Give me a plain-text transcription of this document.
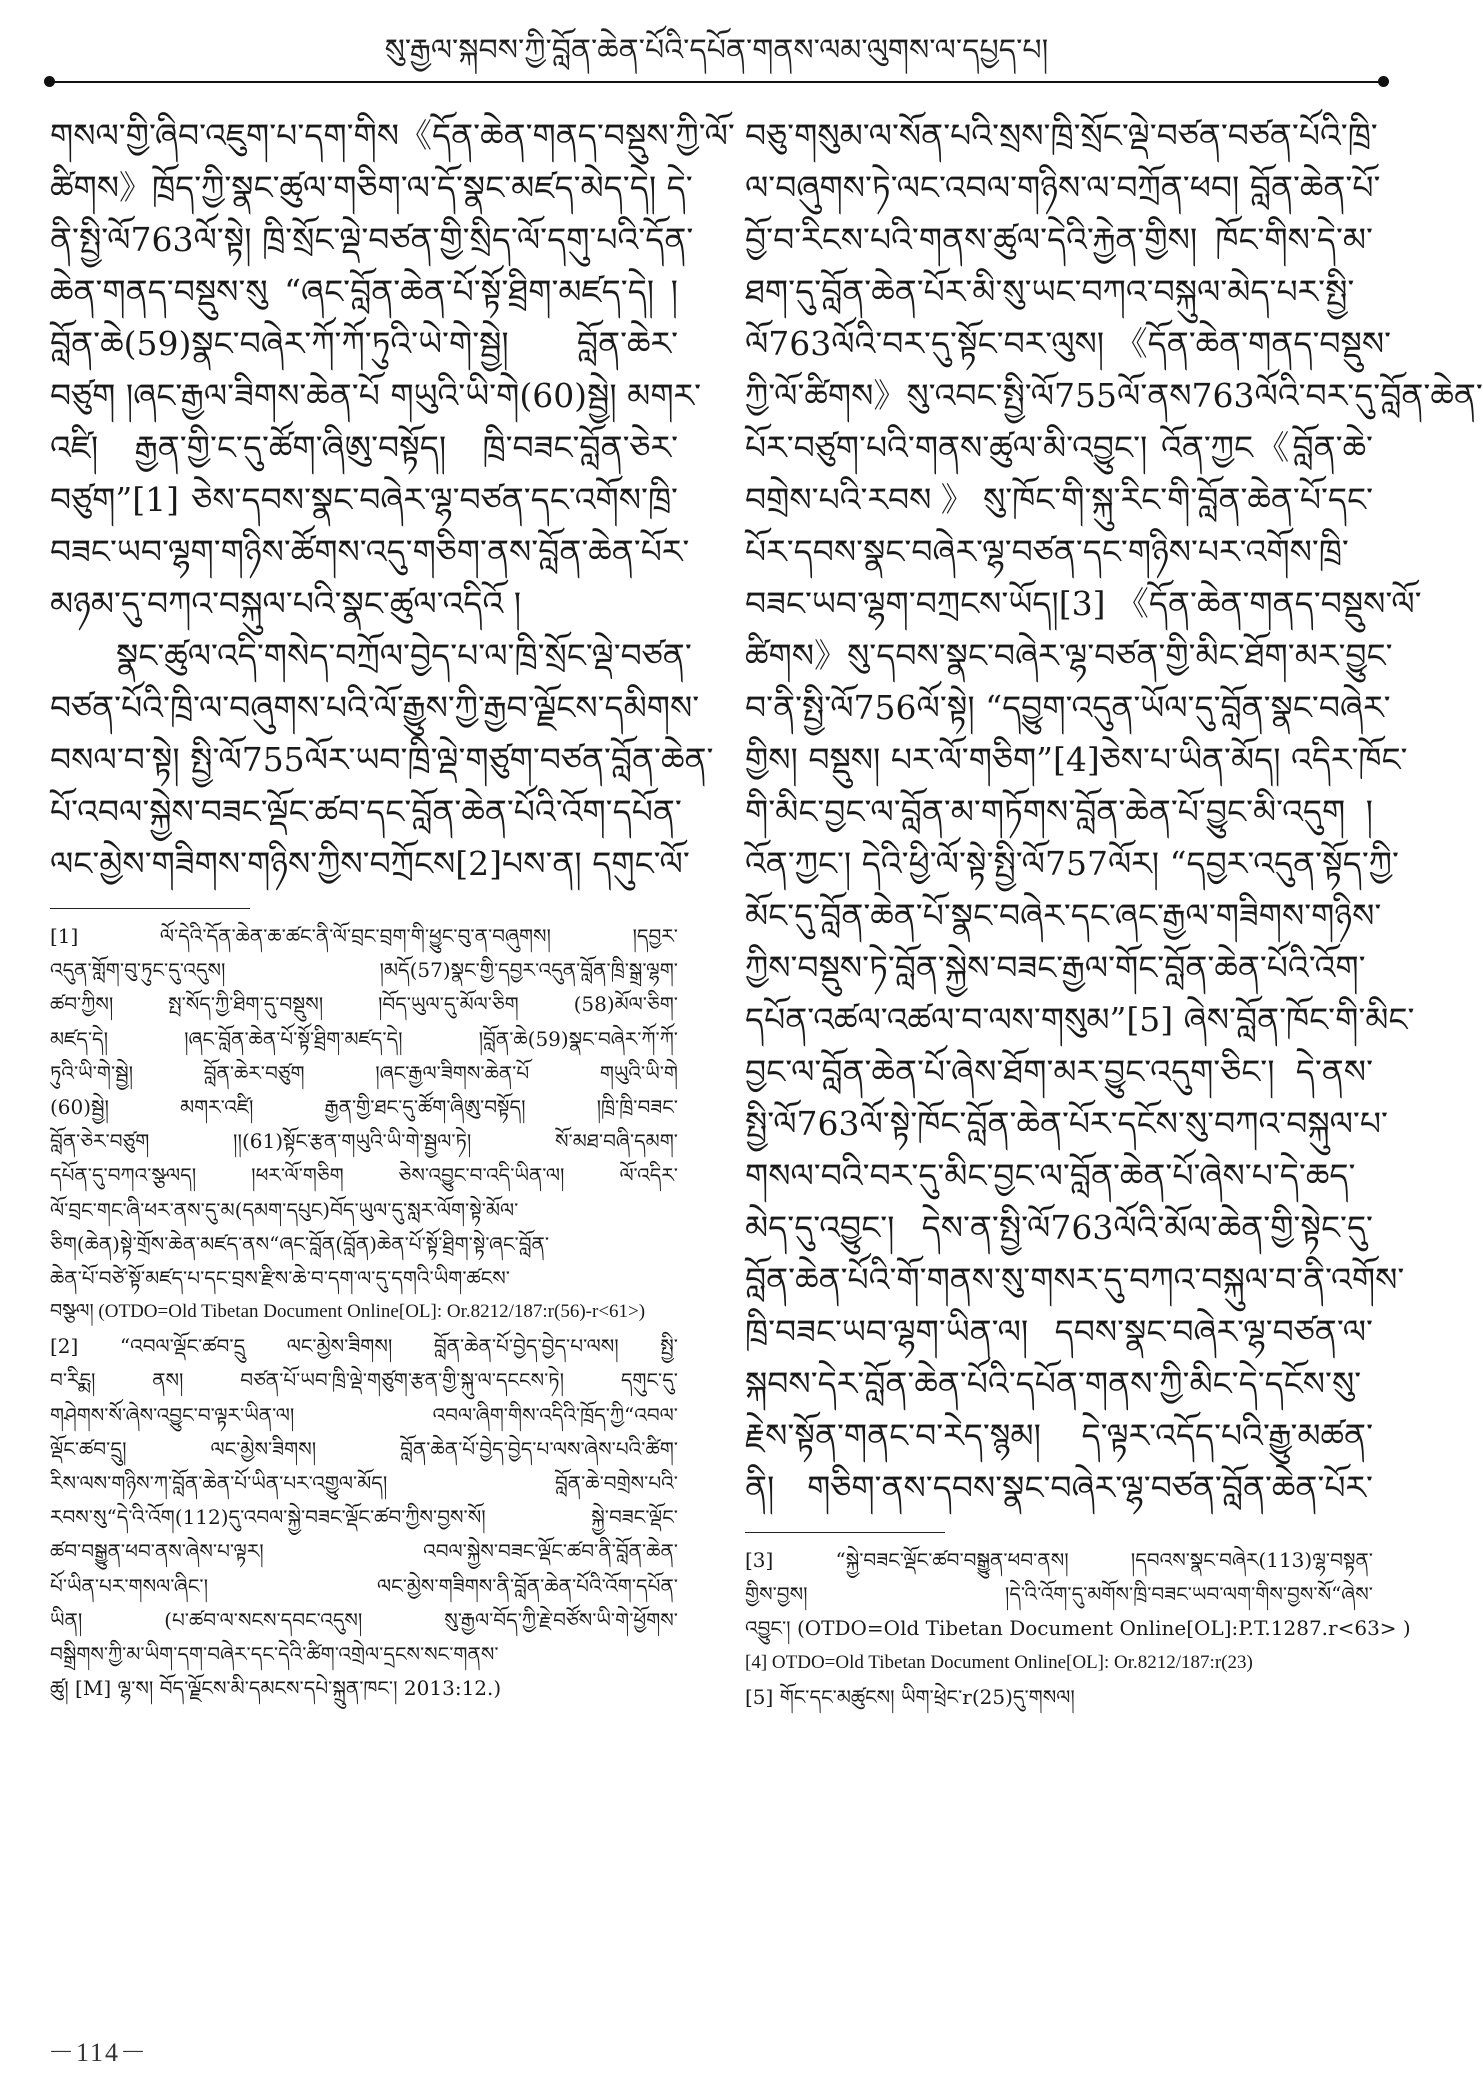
སུ་རྒྱལ་སྐབས་ཀྱི་བློན་ཆེན་པོའི་དཔོན་གནས་ལམ་ལུགས་ལ་དཔྱད་པ།
གསལ་གྱི་ཞིབ་འཇུག་པ་དག་གིས《དོན་ཆེན་གནད་བསྡུས་ཀྱི་ལོ་
ཚིགས》ཁྲོད་ཀྱི་སྣང་ཚུལ་གཅིག་ལ་དོ་སྣང་མཛད་མེད་དེ། དེ་
ནི་སྤྱི་ལོ763ལོ་སྟེ། ཁྲི་སྲོང་ལྡེ་བཙན་གྱི་སྲིད་ལོ་དགུ་པའི་དོན་
ཆེན་གནད་བསྡུས་སུ “ཞང་བློན་ཆེན་པོ་སྟོ་ཐྲིག་མཛད་དེ། །
བློན་ཆེ(59)སྣང་བཞེར་ཀོ་ཀོ་ཏུའི་ཡེ་གེ་སྦྱེ། བློན་ཆེར་
བཙུག །ཞང་རྒྱལ་ཟིགས་ཆེན་པོ གཡུའི་ཡི་གེ(60)སྦྱེ། མགར་
འཛི། རྒྱན་གྱི་ང་དུ་ཚོག་ཞིཨུ་བསྟོད། ཁྲི་བཟང་བློན་ཅེར་
བཙུག”[1] ཅེས་དབས་སྣང་བཞེར་ལྷ་བཙན་དང་འགོས་ཁྲི་
བཟང་ཡབ་ལྷག་གཉིས་ཚོགས་འདུ་གཅིག་ནས་བློན་ཆེན་པོར་
མཉམ་དུ་བཀའ་བསྐུལ་པའི་སྣང་ཚུལ་འདིའོ །
སྣང་ཚུལ་འདི་གསེད་བཀྲོལ་བྱེད་པ་ལ་ཁྲི་སྲོང་ལྡེ་བཙན་
བཙན་པོའི་ཁྲི་ལ་བཞུགས་པའི་ལོ་རྒྱུས་ཀྱི་རྒྱབ་ལྗོངས་དམིགས་
བསལ་བ་སྟེ། སྤྱི་ལོ755ལོར་ཡབ་ཁྲི་ལྡེ་གཙུག་བཙན་བློན་ཆེན་
པོ་འབལ་སྐྱེས་བཟང་ལྡོང་ཚབ་དང་བློན་ཆེན་པོའི་འོག་དཔོན་
ལང་མྱེས་གཟིགས་གཉིས་ཀྱིས་བཀྲོངས[2]པས་ན། དགུང་ལོ་
[1] ལོ་དེའི་དོན་ཆེན་ཆ་ཚང་ནི་ལོ་བྲང་བྲག་གི་ཕྱུང་བུ་ན་བཞུགས། །དབྱར་
འདུན་གློག་བུ་ཏུང་དུ་འདུས། །མདོ(57)སྣང་གྱི་དབྱར་འདུན་བློན་ཁྲི་སྒྲ་ལྷག་
ཚབ་ཀྱིས། སྤ་སོད་ཀྱི་ཐིག་དུ་བསྡུས། །བོད་ཡུལ་དུ་མོལ་ཅིག (58)མོལ་ཅིག་
མཛད་དེ། །ཞང་བློན་ཆེན་པོ་སྟོ་ཐྲིག་མཛད་དེ། །བློན་ཆེ(59)སྣང་བཞེར་ཀོ་ཀོ་
ཏུའི་ཡི་གེ་སྦྱེ། བློན་ཆེར་བཙུག །ཞང་རྒྱལ་ཟིགས་ཆེན་པོ གཡུའི་ཡི་གེ
(60)སྦྱེ། མགར་འཛི། རྒྱན་གྱི་ཐང་དུ་ཚོག་ཞིཨུ་བསྟོད། །ཁྲི་ཁྲི་བཟང་
བློན་ཅེར་བཙུག །།(61)སྟོང་རྩན་གཡུའི་ཡི་གེ་སྦྱལ་ཏེ། སོ་མཐ་བཞི་དམག་
དཔོན་དུ་བཀའ་སྩལད། །ཕར་ལོ་གཅིག ཅེས་འབྱུང་བ་འདི་ཡིན་ལ། ལོ་འདིར་
ལོ་བྲང་གང་ཞི་ཕར་ནས་དུ་མ(དམག་དཔུང)བོད་ཡུལ་དུ་སླར་ལོག་སྟེ་མོལ་
ཅིག(ཆེན)སྟེ་གྲོས་ཆེན་མཛད་ནས“ཞང་བློན(བློན)ཆེན་པོ་སྟོ་ཐྲིག་སྟེ་ཞང་བློན་
ཆེན་པོ་བཙེ་སྟོ་མཛད་པ་དང་བྲས་རྫིས་ཆེ་བ་དག་ལ་དུ་དགའི་ཡིག་ཚངས་
བསྩལ། (OTDO=Old Tibetan Document Online[OL]: Or.8212/187:r(56)-r<61>)
[2] “འབལ་ལྡོང་ཚབ་དྲུ ལང་མྱེས་ཟིགས། བློན་ཆེན་པོ་བྱེད་བྱེད་པ་ལས། སྤྱི་
བ་རིངྨ། ནས། བཙན་པོ་ཡབ་ཁྲི་ལྡེ་གཙུག་རྩན་གྱི་སྐུ་ལ་དངངས་ཏེ། དགུང་དུ་
གཤེགས་སོ་ཞེས་འབྱུང་བ་ལྟར་ཡིན་ལ། འབལ་ཞིག་གིས་འདིའི་ཁྲོད་ཀྱི“འབལ་
ལྡོང་ཚབ་དྲུ། ལང་མྱེས་ཟིགས། བློན་ཆེན་པོ་བྱེད་བྱེད་པ་ལས་ཞེས་པའི་ཚིག་
རིས་ལས་གཉིས་ཀ་བློན་ཆེན་པོ་ཡིན་པར་འགྱུལ་མོད། བློན་ཆེ་བགྲེས་པའི་
རབས་སུ“དེ་འི་འོག(112)དུ་འབལ་སྐྱེ་བཟང་ལྡོང་ཚབ་ཀྱིས་བྱས་སོ། སྐྱེ་བཟང་ལྡོང་
ཚབ་བསྒྱུན་ཕབ་ནས་ཞེས་པ་ལྟར། འབལ་སྐྱེས་བཟང་ལྡོང་ཚབ་ནི་བློན་ཆེན་
པོ་ཡིན་པར་གསལ་ཞིང་། ལང་མྱེས་གཟིགས་ནི་བློན་ཆེན་པོའི་འོག་དཔོན་
ཡིན། (པ་ཚབ་ལ་སངས་དབང་འདུས། སུ་རྒྱལ་བོད་ཀྱི་རྗེ་བཙོས་ཡི་གེ་ཕྱོགས་
བསྒྲིགས་ཀྱི་མ་ཡིག་དག་བཞེར་དང་དེའི་ཚིག་འགྲེལ་དྲངས་སང་གནས་
ཚུ། [M] ལྷ་ས། བོད་ལྗོངས་མི་དམངས་དཔེ་སྐྲུན་ཁང་། 2013:12.)
བཅུ་གསུམ་ལ་སོན་པའི་སྲས་ཁྲི་སྲོང་ལྡེ་བཙན་བཙན་པོའི་ཁྲི་
ལ་བཞུགས་ཏེ་ལང་འབལ་གཉིས་ལ་བཀྲོན་ཕབ། བློན་ཆེན་པོ་
བྱོ་བ་རིངས་པའི་གནས་ཚུལ་དེའི་རྐྱེན་གྱིས། ཁོང་གིས་དེ་མ་
ཐག་དུ་བློན་ཆེན་པོར་མི་སུ་ཡང་བཀའ་བསྐུལ་མེད་པར་སྤྱི་
ལོ763ལོའི་བར་དུ་སྟོང་བར་ལུས། 《དོན་ཆེན་གནད་བསྡུས་
ཀྱི་ལོ་ཚིགས》སུ་འབང་སྤྱི་ལོ755ལོ་ནས763ལོའི་བར་དུ་བློན་ཆེན་
པོར་བཙུག་པའི་གནས་ཚུལ་མི་འབྱུང་། འོན་ཀྱང《བློན་ཆེ་
བགྲེས་པའི་རབས》སུ་ཁོང་གི་སྐུ་རིང་གི་བློན་ཆེན་པོ་དང་
པོར་དབས་སྣང་བཞེར་ལྷ་བཙན་དང་གཉིས་པར་འགོས་ཁྲི་
བཟང་ཡབ་ལྷག་བཀྲངས་ཡོད།[3] 《དོན་ཆེན་གནད་བསྡུས་ལོ་
ཚིགས》སུ་དབས་སྣང་བཞེར་ལྷ་བཙན་གྱི་མིང་ཐོག་མར་བྱུང་
བ་ནི་སྤྱི་ལོ756ལོ་སྟེ། “དབྱུག་འདུན་ཡོལ་དུ་བློན་སྣང་བཞེར་
གྱིས། བསྡུས། པར་ལོ་གཅིག”[4]ཅེས་པ་ཡིན་མོད། འདིར་ཁོང་
གི་མིང་བྱང་ལ་བློན་མ་གཏོགས་བློན་ཆེན་པོ་བྱུང་མི་འདུག །
འོན་ཀྱང་། དེའི་ཕྱི་ལོ་སྟེ་སྤྱི་ལོ757ལོར། “དབྱར་འདུན་སྟོད་ཀྱི་
མོང་དུ་བློན་ཆེན་པོ་སྣང་བཞེར་དང་ཞང་རྒྱལ་གཟིགས་གཉིས་
ཀྱིས་བསྡུས་ཏེ་བློན་སྐྱེས་བཟང་རྒྱལ་གོང་བློན་ཆེན་པོའི་འོག་
དཔོན་འཚལ་འཚལ་བ་ལས་གསུམ”[5] ཞེས་བློན་ཁོང་གི་མིང་
བྱང་ལ་བློན་ཆེན་པོ་ཞེས་ཐོག་མར་བྱུང་འདུག་ཅིང་། དེ་ནས་
སྤྱི་ལོ763ལོ་སྟེ་ཁོང་བློན་ཆེན་པོར་དངོས་སུ་བཀའ་བསྐུལ་པ་
གསལ་བའི་བར་དུ་མིང་བྱང་ལ་བློན་ཆེན་པོ་ཞེས་པ་དེ་ཆད་
མེད་དུ་འབྱུང་། དེས་ན་སྤྱི་ལོ763ལོའི་མོལ་ཆེན་གྱི་སྟེང་དུ་
བློན་ཆེན་པོའི་གོ་གནས་སུ་གསར་དུ་བཀའ་བསྐུལ་བ་ནི་འགོས་
ཁྲི་བཟང་ཡབ་ལྷག་ཡིན་ལ། དབས་སྣང་བཞེར་ལྷ་བཙན་ལ་
སྐབས་དེར་བློན་ཆེན་པོའི་དཔོན་གནས་ཀྱི་མིང་དེ་དངོས་སུ་
རྗེས་སྟོན་གནང་བ་རེད་སྙམ། དེ་ལྟར་འདོད་པའི་རྒྱུ་མཚན་
ནི། གཅིག་ནས་དབས་སྣང་བཞེར་ལྷ་བཙན་བློན་ཆེན་པོར་
[3] “སྐྱེ་བཟང་ལྡོང་ཚབ་བསྒྱུན་ཕབ་ནས། །དབའས་སྣང་བཞེར(113)ལྷ་བསྟན་
གྱིས་བྱས། །དེ་འི་འོག་དུ་མགོས་ཁྲི་བཟང་ཡབ་ལག་གིས་བྱས་སོ“ཞེས་
འབྱུང་། (OTDO=Old Tibetan Document Online[OL]:P.T.1287.r<63> )
[4] OTDO=Old Tibetan Document Online[OL]: Or.8212/187:r(23)
[5] གོང་དང་མཚུངས། ཡིག་ཕྲེང་r(25)དུ་གསལ།
－114－
